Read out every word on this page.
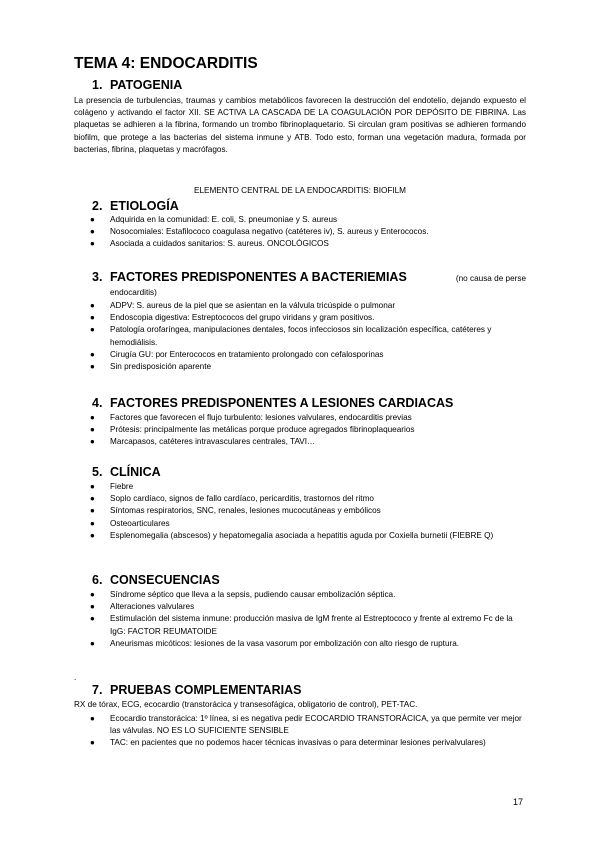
TEMA 4: ENDOCARDITIS
1. PATOGENIA
La presencia de turbulencias, traumas y cambios metabólicos favorecen la destrucción del endotelio, dejando expuesto el colágeno y activando el factor XII. SE ACTIVA LA CASCADA DE LA COAGULACIÓN POR DEPÓSITO DE FIBRINA. Las plaquetas se adhieren a la fibrina, formando un trombo fibrinoplaquetario. Si circulan gram positivas se adhieren formando biofilm, que protege a las bacterias del sistema inmune y ATB. Todo esto, forman una vegetación madura, formada por bacterias, fibrina, plaquetas y macrófagos.
ELEMENTO CENTRAL DE LA ENDOCARDITIS: BIOFILM
2. ETIOLOGÍA
● Adquirida en la comunidad: E. coli, S. pneumoniae y S. aureus
● Nosocomiales: Estafilococo coagulasa negativo (catéteres iv), S. aureus y Enterococos.
● Asociada a cuidados sanitarios: S. aureus. ONCOLÓGICOS
3. FACTORES PREDISPONENTES A BACTERIEMIAS	(no causa de perse
endocarditis)
● ADPV: S. aureus de la piel que se asientan en la válvula tricúspide o pulmonar
● Endoscopia digestiva: Estreptococos del grupo viridans y gram positivos.
● Patología orofaríngea, manipulaciones dentales, focos infecciosos sin localización específica, catéteres y hemodiálisis.
● Cirugía GU: por Enterococos en tratamiento prolongado con cefalosporinas
● Sin predisposición aparente
4. FACTORES PREDISPONENTES A LESIONES CARDIACAS
● Factores que favorecen el flujo turbulento: lesiones valvulares, endocarditis previas
● Prótesis: principalmente las metálicas porque produce agregados fibrinoplaquearios
● Marcapasos, catéteres intravasculares centrales, TAVI…
5. CLÍNICA
● Fiebre
● Soplo cardíaco, signos de fallo cardíaco, pericarditis, trastornos del ritmo
● Síntomas respiratorios, SNC, renales, lesiones mucocutáneas y embólicos
● Osteoarticulares
● Esplenomegalia (abscesos) y hepatomegalia asociada a hepatitis aguda por Coxiella burnetii (FIEBRE Q)
6. CONSECUENCIAS
● Síndrome séptico que lleva a la sepsis, pudiendo causar embolización séptica.
● Alteraciones valvulares
● Estimulación del sistema inmune: producción masiva de IgM frente al Estreptococo y frente al extremo Fc de la IgG: FACTOR REUMATOIDE
● Aneurismas micóticos: lesiones de la vasa vasorum por embolización con alto riesgo de ruptura.
.
7. PRUEBAS COMPLEMENTARIAS
RX de tórax, ECG, ecocardio (transtorácica y transesofágica, obligatorio de control), PET-TAC.
● Ecocardio transtorácica: 1º línea, si es negativa pedir ECOCARDIO TRANSTORÁCICA, ya que permite ver mejor las válvulas. NO ES LO SUFICIENTE SENSIBLE
● TAC: en pacientes que no podemos hacer técnicas invasivas o para determinar lesiones perivalvulares)
17
